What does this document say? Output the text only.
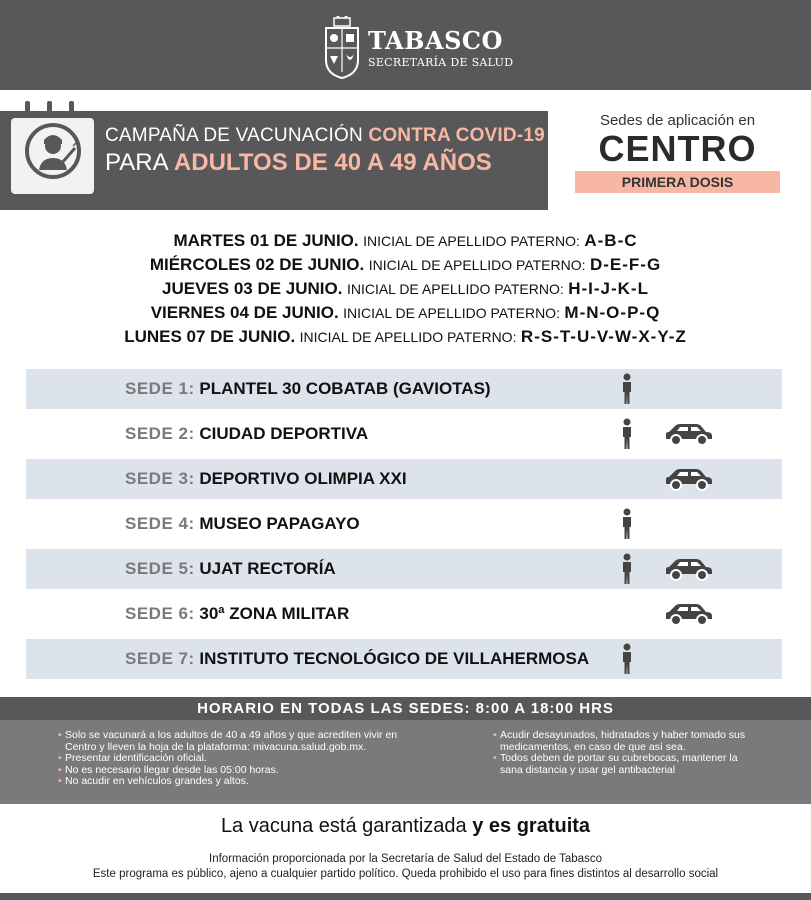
TABASCO
SECRETARÍA DE SALUD
CAMPAÑA DE VACUNACIÓN CONTRA COVID-19
PARA ADULTOS DE 40 A 49 AÑOS
Sedes de aplicación en
CENTRO
PRIMERA DOSIS
MARTES 01 DE JUNIO. INICIAL DE APELLIDO PATERNO: A-B-C
MIÉRCOLES 02 DE JUNIO. INICIAL DE APELLIDO PATERNO: D-E-F-G
JUEVES 03 DE JUNIO. INICIAL DE APELLIDO PATERNO: H-I-J-K-L
VIERNES 04 DE JUNIO. INICIAL DE APELLIDO PATERNO: M-N-O-P-Q
LUNES 07 DE JUNIO. INICIAL DE APELLIDO PATERNO: R-S-T-U-V-W-X-Y-Z
SEDE 1: PLANTEL 30 COBATAB (GAVIOTAS)
SEDE 2: CIUDAD DEPORTIVA
SEDE 3: DEPORTIVO OLIMPIA XXI
SEDE 4: MUSEO PAPAGAYO
SEDE 5: UJAT RECTORÍA
SEDE 6: 30ª ZONA MILITAR
SEDE 7: INSTITUTO TECNOLÓGICO DE VILLAHERMOSA
HORARIO EN TODAS LAS SEDES: 8:00 A 18:00 HRS
• Solo se vacunará a los adultos de 40 a 49 años y que acrediten vivir en Centro y lleven la hoja de la plataforma: mivacuna.salud.gob.mx.
• Presentar identificación oficial.
• No es necesario llegar desde las 05:00 horas.
• No acudir en vehículos grandes y altos.
• Acudir desayunados, hidratados y haber tomado sus medicamentos, en caso de que así sea.
• Todos deben de portar su cubrebocas, mantener la sana distancia y usar gel antibacterial
La vacuna está garantizada y es gratuita
Información proporcionada por la Secretaría de Salud del Estado de Tabasco
Este programa es público, ajeno a cualquier partido político. Queda prohibido el uso para fines distintos al desarrollo social
